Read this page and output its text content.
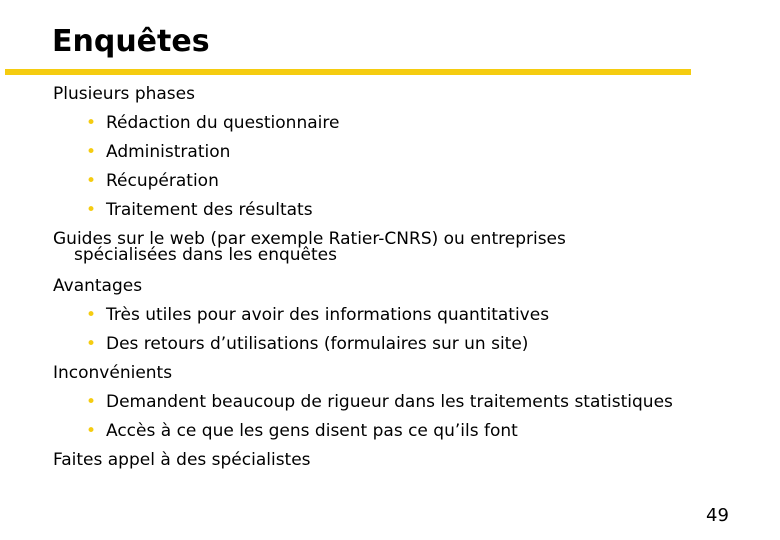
Enquêtes
Plusieurs phases
• Rédaction du questionnaire
• Administration
• Récupération
• Traitement des résultats
Guides sur le web (par exemple Ratier-CNRS) ou entreprises
spécialisées dans les enquêtes
Avantages
• Très utiles pour avoir des informations quantitatives
• Des retours d’utilisations (formulaires sur un site)
Inconvénients
• Demandent beaucoup de rigueur dans les traitements statistiques
• Accès à ce que les gens disent pas ce qu’ils font
Faites appel à des spécialistes
49
